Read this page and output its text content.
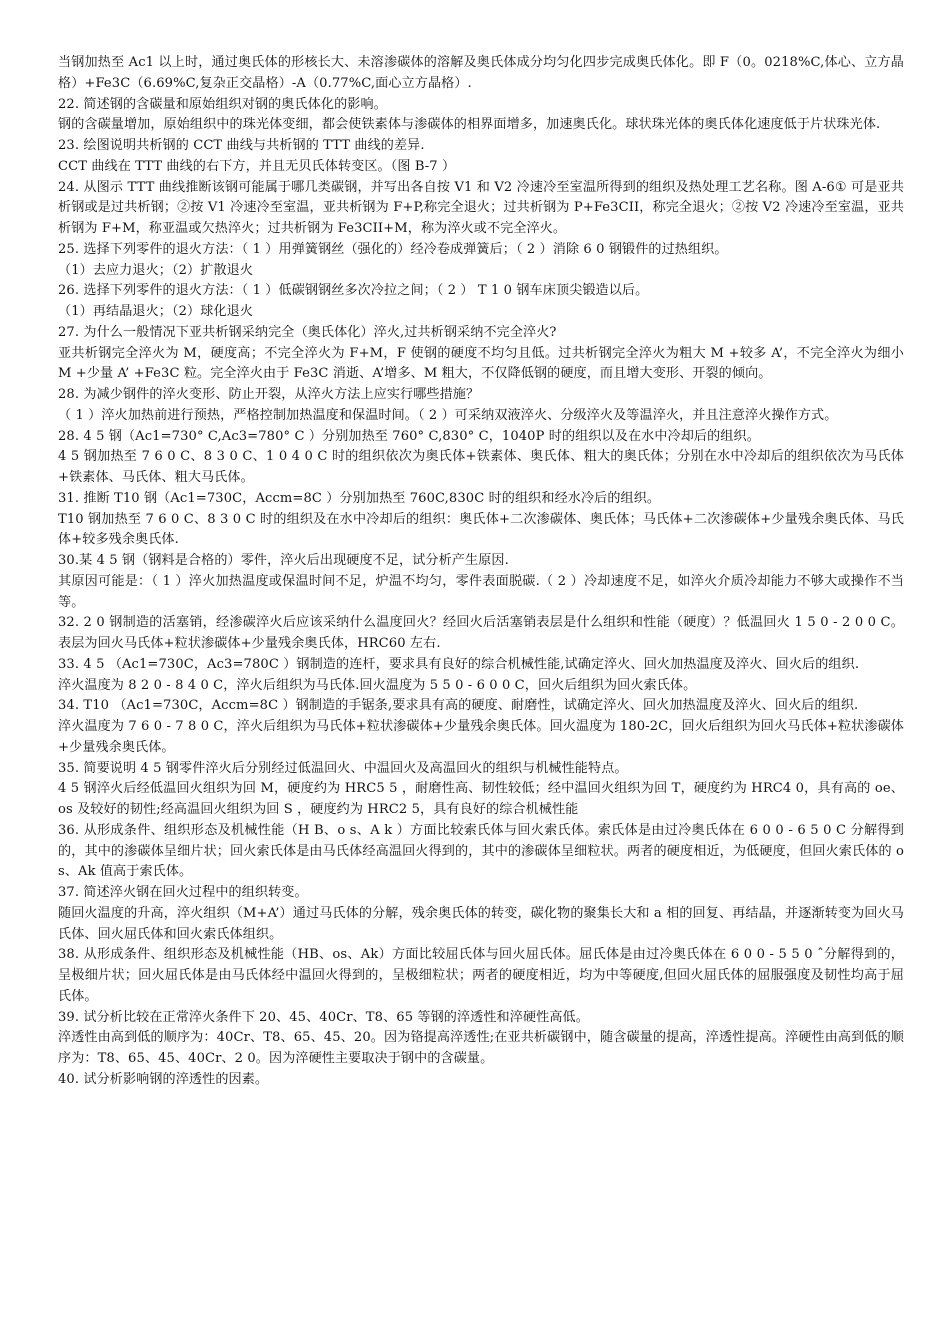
当钢加热至 Ac1 以上时，通过奥氏体的形核长大、未溶渗碳体的溶解及奥氏体成分均匀化四步完成奥氏体化。即 F（0。0218%C,体心、立方晶格）+Fe3C（6.69%C,复杂正交晶格）-A（0.77%C,面心立方晶格）.

22. 简述钢的含碳量和原始组织对钢的奥氏体化的影响。

钢的含碳量增加，原始组织中的珠光体变细，都会使铁素体与渗碳体的相界面增多，加速奥氏化。球状珠光体的奥氏体化速度低于片状珠光体.

23. 绘图说明共析钢的 CCT 曲线与共析钢的 TTT 曲线的差异.

CCT 曲线在 TTT 曲线的右下方，并且无贝氏体转变区。（图 B-7 ）

24. 从图示 TTT 曲线推断该钢可能属于哪几类碳钢，并写出各自按 V1 和 V2 冷速冷至室温所得到的组织及热处理工艺名称。图 A-6① 可是亚共析钢或是过共析钢；②按 V1 冷速冷至室温，亚共析钢为 F+P,称完全退火；过共析钢为 P+Fe3CII，称完全退火；②按 V2 冷速冷至室温，亚共析钢为 F+M，称亚温或欠热淬火；过共析钢为 Fe3CII+M，称为淬火或不完全淬火。

25. 选择下列零件的退火方法：（ 1 ）用弹簧钢丝（强化的）经冷卷成弹簧后；（ 2 ）消除 6 0 钢锻件的过热组织。

（1）去应力退火；（2）扩散退火

26. 选择下列零件的退火方法：（ 1 ）低碳钢钢丝多次冷拉之间；（ 2 ） T 1 0 钢车床顶尖锻造以后。

（1）再结晶退火；（2）球化退火

27. 为什么一般情况下亚共析钢采纳完全（奥氏体化）淬火,过共析钢采纳不完全淬火?

亚共析钢完全淬火为 M，硬度高；不完全淬火为 F+M，F 使钢的硬度不均匀且低。过共析钢完全淬火为粗大 M +较多 A’，不完全淬火为细小 M +少量 A’ +Fe3C 粒。完全淬火由于 Fe3C 消逝、A’增多、M 粗大，不仅降低钢的硬度，而且增大变形、开裂的倾向。

28. 为减少钢件的淬火变形、防止开裂，从淬火方法上应实行哪些措施？

（ 1 ）淬火加热前进行预热，严格控制加热温度和保温时间。（ 2 ）可采纳双液淬火、分级淬火及等温淬火，并且注意淬火操作方式。

28. 4 5 钢（Ac1=730° C,Ac3=780° C ）分别加热至 760° C,830° C，1040P 时的组织以及在水中冷却后的组织。

4 5 钢加热至 7 6 0 C、8 3 0 C、1 0 4 0 C 时的组织依次为奥氏体+铁素体、奥氏体、粗大的奥氏体；分别在水中冷却后的组织依次为马氏体+铁素体、马氏体、粗大马氏体。

31. 推断 T10 钢（Ac1=730C，Accm=8C ）分别加热至 760C,830C 时的组织和经水冷后的组织。

T10 钢加热至 7 6 0 C、8 3 0 C 时的组织及在水中冷却后的组织：奥氏体+二次渗碳体、奥氏体；马氏体+二次渗碳体+少量残余奥氏体、马氏体+较多残余奥氏体.

30.某 4 5 钢（钢料是合格的）零件，淬火后出现硬度不足，试分析产生原因.

其原因可能是：（ 1 ）淬火加热温度或保温时间不足，炉温不均匀，零件表面脱碳.（ 2 ）冷却速度不足，如淬火介质冷却能力不够大或操作不当等。

32. 2 0 钢制造的活塞销，经渗碳淬火后应该采纳什么温度回火？经回火后活塞销表层是什么组织和性能（硬度）？低温回火 1 5 0 - 2 0 0 C。表层为回火马氏体+粒状渗碳体+少量残余奥氏体，HRC60 左右.

33. 4 5 （Ac1=730C，Ac3=780C ）钢制造的连杆，要求具有良好的综合机械性能,试确定淬火、回火加热温度及淬火、回火后的组织.

淬火温度为 8 2 0 - 8 4 0 C，淬火后组织为马氏体.回火温度为 5 5 0 - 6 0 0 C，回火后组织为回火索氏体。

34. T10 （Ac1=730C，Accm=8C ）钢制造的手锯条,要求具有高的硬度、耐磨性，试确定淬火、回火加热温度及淬火、回火后的组织.

淬火温度为 7 6 0 - 7 8 0 C，淬火后组织为马氏体+粒状渗碳体+少量残余奥氏体。回火温度为 180-2C，回火后组织为回火马氏体+粒状渗碳体+少量残余奥氏体。

35. 简要说明 4 5 钢零件淬火后分别经过低温回火、中温回火及高温回火的组织与机械性能特点。

4 5 钢淬火后经低温回火组织为回 M，硬度约为 HRC5 5 ，耐磨性高、韧性较低；经中温回火组织为回 T，硬度约为 HRC4 0，具有高的 oe、os 及较好的韧性;经高温回火组织为回 S ，硬度约为 HRC2 5，具有良好的综合机械性能

36. 从形成条件、组织形态及机械性能（H B、o s、A k ）方面比较索氏体与回火索氏体。索氏体是由过冷奥氏体在 6 0 0 - 6 5 0 C 分解得到的，其中的渗碳体呈细片状；回火索氏体是由马氏体经高温回火得到的，其中的渗碳体呈细粒状。两者的硬度相近，为低硬度，但回火索氏体的 os、Ak 值高于索氏体。

37. 简述淬火钢在回火过程中的组织转变。

随回火温度的升高，淬火组织（M+A’）通过马氏体的分解，残余奥氏体的转变，碳化物的聚集长大和 a 相的回复、再结晶，并逐渐转变为回火马氏体、回火屈氏体和回火索氏体组织。

38. 从形成条件、组织形态及机械性能（HB、os、Ak）方面比较屈氏体与回火屈氏体。屈氏体是由过冷奥氏体在 6 0 0 - 5 5 0 ˆ分解得到的，呈极细片状；回火屈氏体是由马氏体经中温回火得到的，呈极细粒状；两者的硬度相近，均为中等硬度,但回火屈氏体的屈服强度及韧性均高于屈氏体。

39. 试分析比较在正常淬火条件下 20、45、40Cr、T8、65 等钢的淬透性和淬硬性高低。

淬透性由高到低的顺序为：40Cr、T8、65、45、20。因为铬提高淬透性;在亚共析碳钢中，随含碳量的提高，淬透性提高。淬硬性由高到低的顺序为：T8、65、45、40Cr、2 0。因为淬硬性主要取决于钢中的含碳量。

40. 试分析影响钢的淬透性的因素。
